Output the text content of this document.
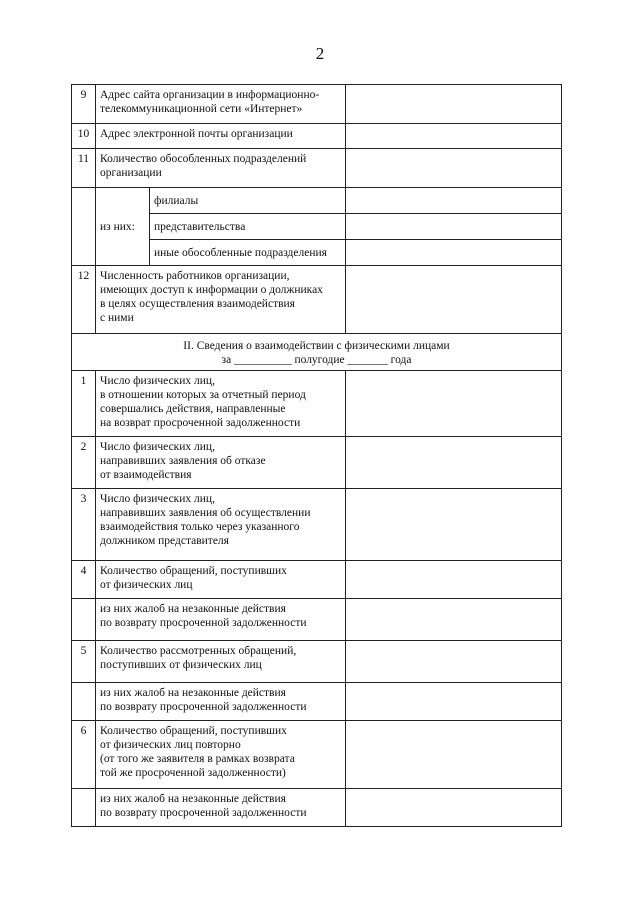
2
9	Адрес сайта организации в информационно-
телекоммуникационной сети «Интернет»		

10	Адрес электронной почты организации		

11	Количество обособленных подразделений
организации		

	из них:	филиалы	
		представительства	
		иные обособленные подразделения	
12	Численность работников организации,
имеющих доступ к информации о должниках
в целях осуществления взаимодействия
с ними		

II. Сведения о взаимодействии с физическими лицами
за __________ полугодие _______ года			

1	Число физических лиц,
в отношении которых за отчетный период
совершались действия, направленные
на возврат просроченной задолженности		

2	Число физических лиц,
направивших заявления об отказе
от взаимодействия		

3	Число физических лиц,
направивших заявления об осуществлении
взаимодействия только через указанного
должником представителя		

4	Количество обращений, поступивших
от физических лиц		

	из них жалоб на незаконные действия
по возврату просроченной задолженности		

5	Количество рассмотренных обращений,
поступивших от физических лиц		

	из них жалоб на незаконные действия
по возврату просроченной задолженности		

6	Количество обращений, поступивших
от физических лиц повторно
(от того же заявителя в рамках возврата
той же просроченной задолженности)		

	из них жалоб на незаконные действия
по возврату просроченной задолженности		
